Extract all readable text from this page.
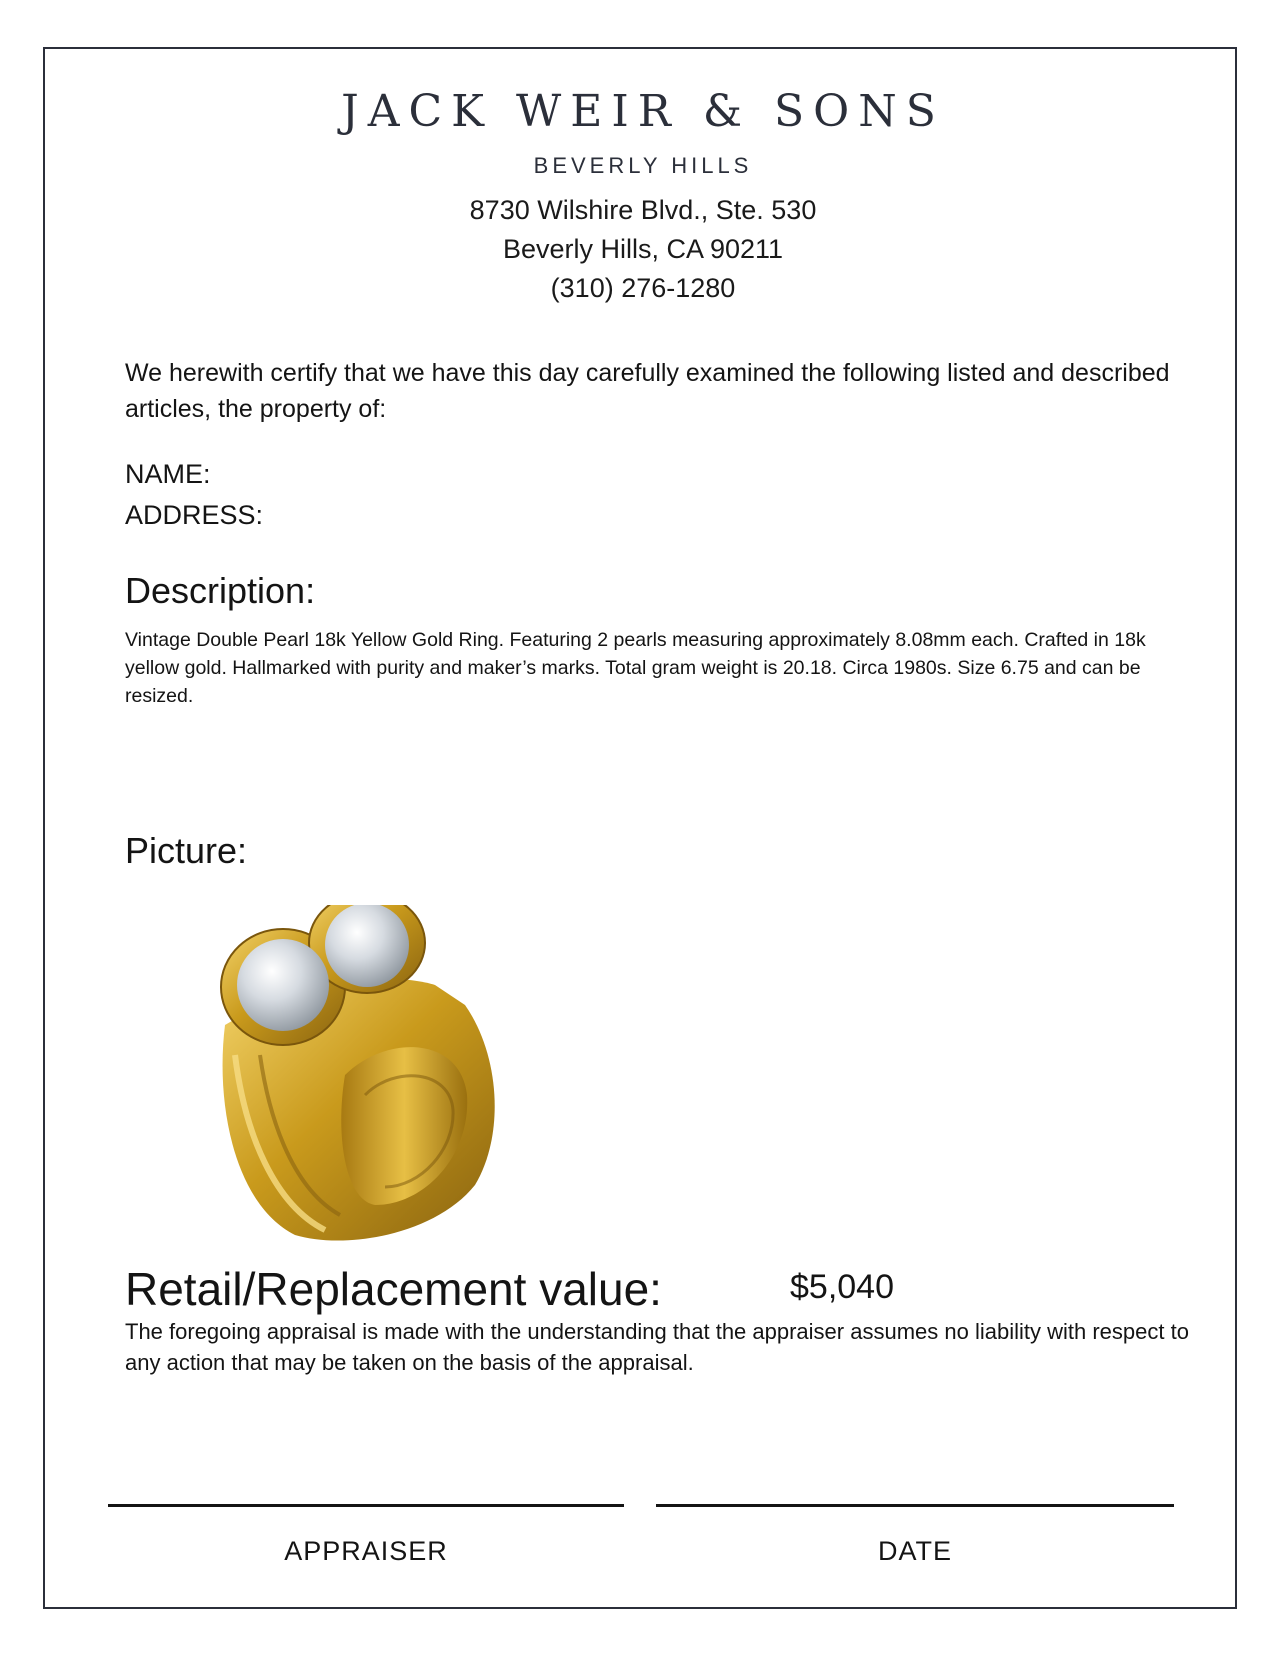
JACK WEIR & SONS
BEVERLY HILLS
8730 Wilshire Blvd., Ste. 530
Beverly Hills, CA 90211
(310) 276-1280

We herewith certify that we have this day carefully examined the following listed and described articles, the property of:

NAME:
ADDRESS:
Description:

Vintage Double Pearl 18k Yellow Gold Ring. Featuring 2 pearls measuring approximately 8.08mm each. Crafted in 18k yellow gold. Hallmarked with purity and maker’s marks. Total gram weight is 20.18. Circa 1980s. Size 6.75 and can be resized.

Picture:
Retail/Replacement value:	$5,040

The foregoing appraisal is made with the understanding that the appraiser assumes no liability with respect to any action that may be taken on the basis of the appraisal.

APPRAISER	DATE
